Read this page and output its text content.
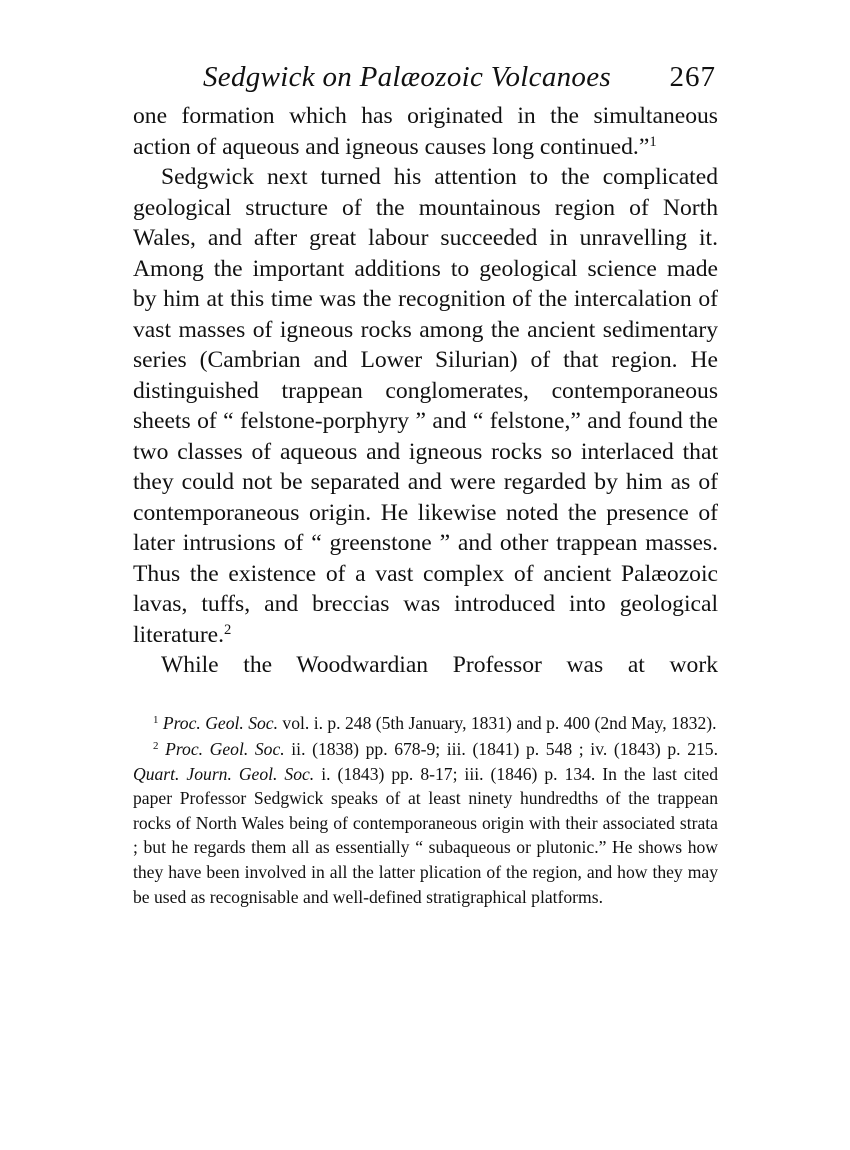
Sedgwick on Palæozoic Volcanoes 267

one formation which has originated in the simultaneous action of aqueous and igneous causes long continued.”$^1$

Sedgwick next turned his attention to the complicated geological structure of the mountainous region of North Wales, and after great labour succeeded in unravelling it. Among the important additions to geological science made by him at this time was the recognition of the intercalation of vast masses of igneous rocks among the ancient sedimentary series (Cambrian and Lower Silurian) of that region. He distinguished trappean conglomerates, contemporaneous sheets of “ felstone-porphyry ” and “ felstone,” and found the two classes of aqueous and igneous rocks so interlaced that they could not be separated and were regarded by him as of contemporaneous origin. He likewise noted the presence of later intrusions of “ greenstone ” and other trappean masses. Thus the existence of a vast complex of ancient Palæozoic lavas, tuffs, and breccias was introduced into geological literature.$^2$

While the Woodwardian Professor was at work

$^1$ Proc. Geol. Soc. vol. i. p. 248 (5th January, 1831) and p. 400 (2nd May, 1832).

$^2$ Proc. Geol. Soc. ii. (1838) pp. 678-9; iii. (1841) p. 548 ; iv. (1843) p. 215. Quart. Journ. Geol. Soc. i. (1843) pp. 8-17; iii. (1846) p. 134. In the last cited paper Professor Sedgwick speaks of at least ninety hundredths of the trappean rocks of North Wales being of contemporaneous origin with their associated strata ; but he regards them all as essentially “ subaqueous or plutonic.” He shows how they have been involved in all the latter plication of the region, and how they may be used as recognisable and well-defined stratigraphical platforms.
